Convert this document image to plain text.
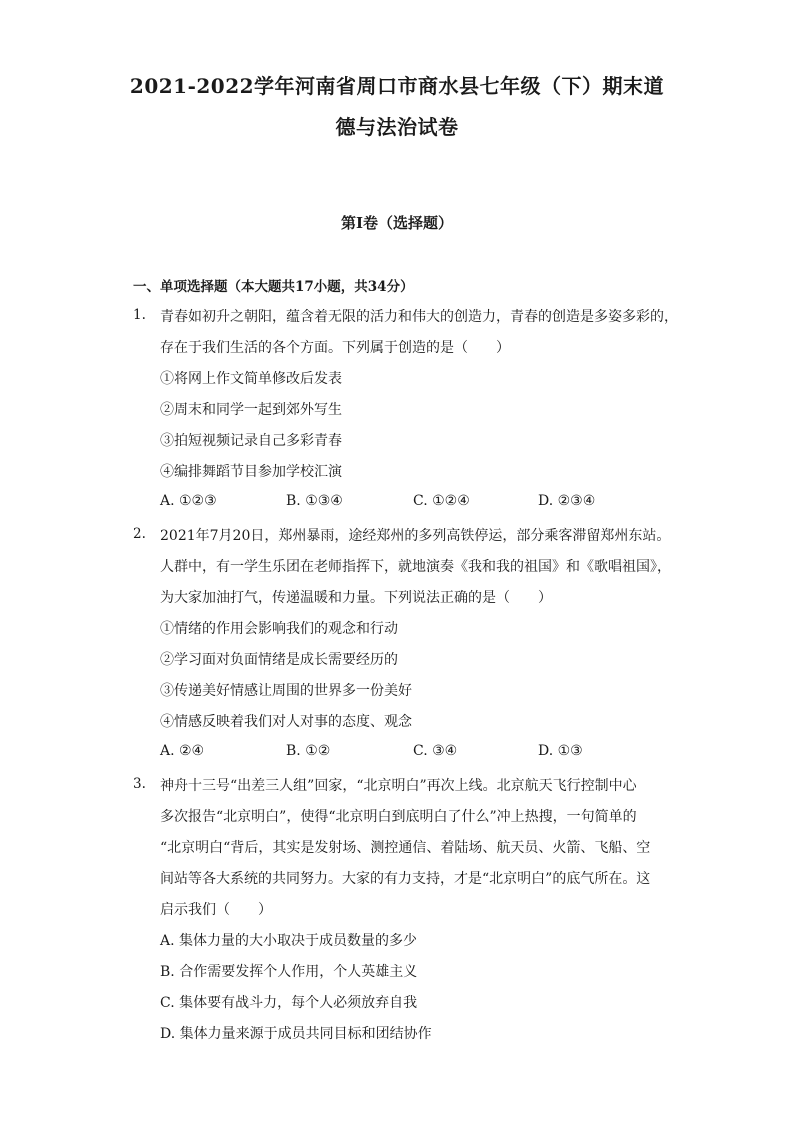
2021-2022学年河南省周口市商水县七年级（下）期末道
德与法治试卷
第I卷（选择题）
一、单项选择题（本大题共17小题，共34分）
1. 青春如初升之朝阳，蕴含着无限的活力和伟大的创造力，青春的创造是多姿多彩的，
存在于我们生活的各个方面。下列属于创造的是（　　）
①将网上作文简单修改后发表
②周末和同学一起到郊外写生
③拍短视频记录自己多彩青春
④编排舞蹈节目参加学校汇演
A. ①②③	B. ①③④	C. ①②④	D. ②③④
2. 2021年7月20日，郑州暴雨，途经郑州的多列高铁停运，部分乘客滞留郑州东站。
人群中，有一学生乐团在老师指挥下，就地演奏《我和我的祖国》和《歌唱祖国》，
为大家加油打气，传递温暖和力量。下列说法正确的是（　　）
①情绪的作用会影响我们的观念和行动
②学习面对负面情绪是成长需要经历的
③传递美好情感让周围的世界多一份美好
④情感反映着我们对人对事的态度、观念
A. ②④	B. ①②	C. ③④	D. ①③
3. 神舟十三号“出差三人组”回家，“北京明白”再次上线。北京航天飞行控制中心
多次报告“北京明白”，使得“北京明白到底明白了什么”冲上热搜，一句简单的
“北京明白“背后，其实是发射场、测控通信、着陆场、航天员、火箭、飞船、空
间站等各大系统的共同努力。大家的有力支持，才是“北京明白”的底气所在。这
启示我们（　　）
A. 集体力量的大小取决于成员数量的多少
B. 合作需要发挥个人作用，个人英雄主义
C. 集体要有战斗力，每个人必须放弃自我
D. 集体力量来源于成员共同目标和团结协作
